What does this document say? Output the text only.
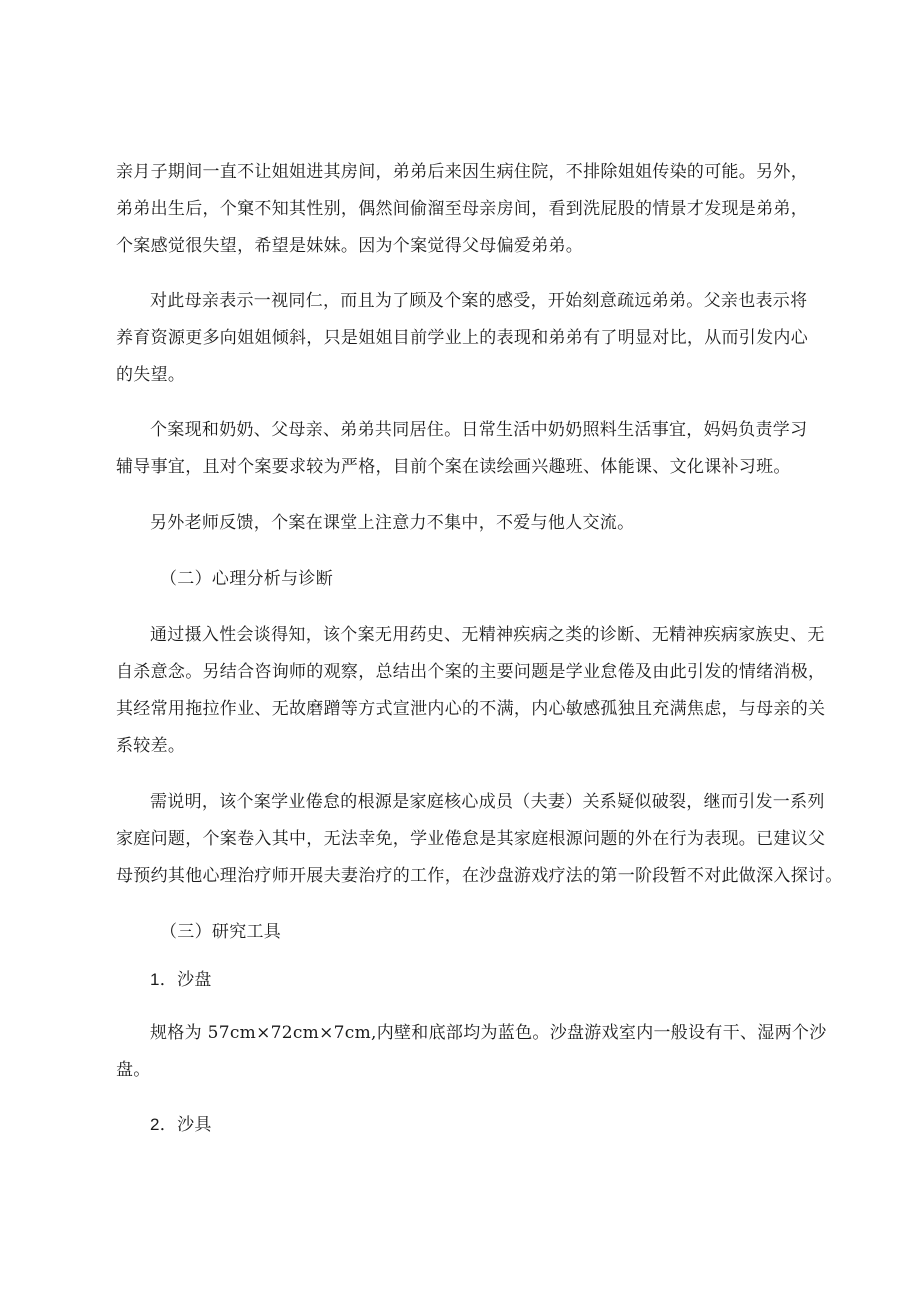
亲月子期间一直不让姐姐进其房间，弟弟后来因生病住院，不排除姐姐传染的可能。另外，
弟弟出生后，个窠不知其性别，偶然间偷溜至母亲房间，看到洗屁股的情景才发现是弟弟，
个案感觉很失望，希望是妹妹。因为个案觉得父母偏爱弟弟。

对此母亲表示一视同仁，而且为了顾及个案的感受，开始刻意疏远弟弟。父亲也表示将
养育资源更多向姐姐倾斜，只是姐姐目前学业上的表现和弟弟有了明显对比，从而引发内心
的失望。

个案现和奶奶、父母亲、弟弟共同居住。日常生活中奶奶照料生活事宜，妈妈负责学习
辅导事宜，且对个案要求较为严格，目前个案在读绘画兴趣班、体能课、文化课补习班。

另外老师反馈，个案在课堂上注意力不集中，不爱与他人交流。

（二）心理分析与诊断

通过摄入性会谈得知，该个案无用药史、无精神疾病之类的诊断、无精神疾病家族史、无
自杀意念。另结合咨询师的观察，总结出个案的主要问题是学业怠倦及由此引发的情绪消极，
其经常用拖拉作业、无故磨蹭等方式宣泄内心的不满，内心敏感孤独且充满焦虑，与母亲的关
系较差。

需说明，该个案学业倦怠的根源是家庭核心成员（夫妻）关系疑似破裂，继而引发一系列
家庭问题，个案卷入其中，无法幸免，学业倦怠是其家庭根源问题的外在行为表现。已建议父
母预约其他心理治疗师开展夫妻治疗的工作，在沙盘游戏疗法的第一阶段暂不对此做深入探讨。

（三）研究工具
1．沙盘

规格为 57cm×72cm×7cm,内壁和底部均为蓝色。沙盘游戏室内一般设有干、湿两个沙
盘。

2．沙具
